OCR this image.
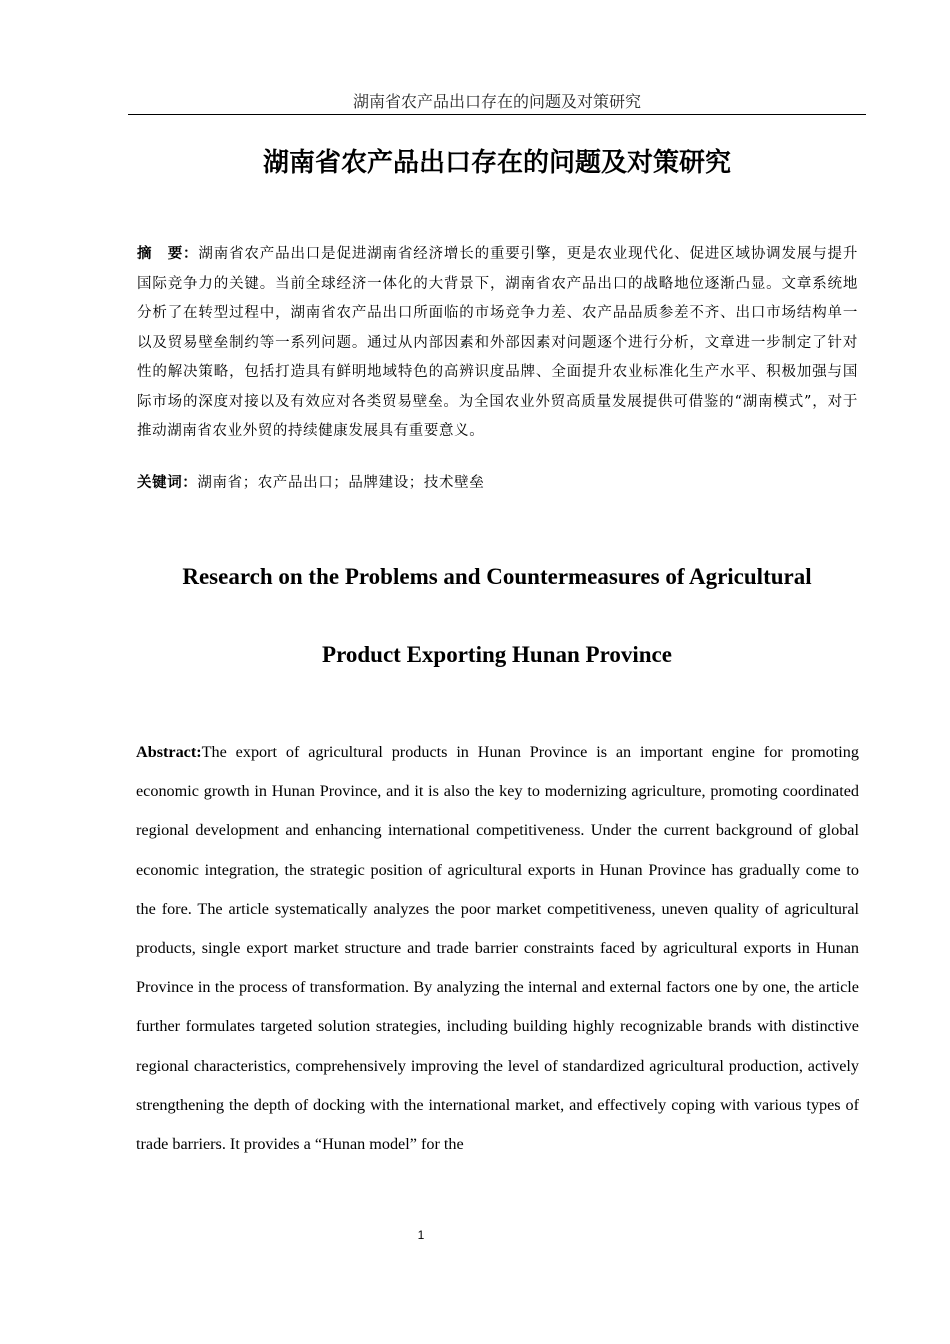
湖南省农产品出口存在的问题及对策研究
湖南省农产品出口存在的问题及对策研究
摘　要：湖南省农产品出口是促进湖南省经济增长的重要引擎，更是农业现代化、促进区域协调发展与提升国际竞争力的关键。当前全球经济一体化的大背景下，湖南省农产品出口的战略地位逐渐凸显。文章系统地分析了在转型过程中，湖南省农产品出口所面临的市场竞争力差、农产品品质参差不齐、出口市场结构单一以及贸易壁垒制约等一系列问题。通过从内部因素和外部因素对问题逐个进行分析，文章进一步制定了针对性的解决策略，包括打造具有鲜明地域特色的高辨识度品牌、全面提升农业标准化生产水平、积极加强与国际市场的深度对接以及有效应对各类贸易壁垒。为全国农业外贸高质量发展提供可借鉴的“湖南模式”，对于推动湖南省农业外贸的持续健康发展具有重要意义。
关键词：湖南省；农产品出口；品牌建设；技术壁垒
Research on the Problems and Countermeasures of Agricultural
Product Exporting Hunan Province
Abstract:The export of agricultural products in Hunan Province is an important engine for promoting economic growth in Hunan Province, and it is also the key to modernizing agriculture, promoting coordinated regional development and enhancing international competitiveness. Under the current background of global economic integration, the strategic position of agricultural exports in Hunan Province has gradually come to the fore. The article systematically analyzes the poor market competitiveness, uneven quality of agricultural products, single export market structure and trade barrier constraints faced by agricultural exports in Hunan Province in the process of transformation. By analyzing the internal and external factors one by one, the article further formulates targeted solution strategies, including building highly recognizable brands with distinctive regional characteristics, comprehensively improving the level of standardized agricultural production, actively strengthening the depth of docking with the international market, and effectively coping with various types of trade barriers. It provides a “Hunan model” for the
1
